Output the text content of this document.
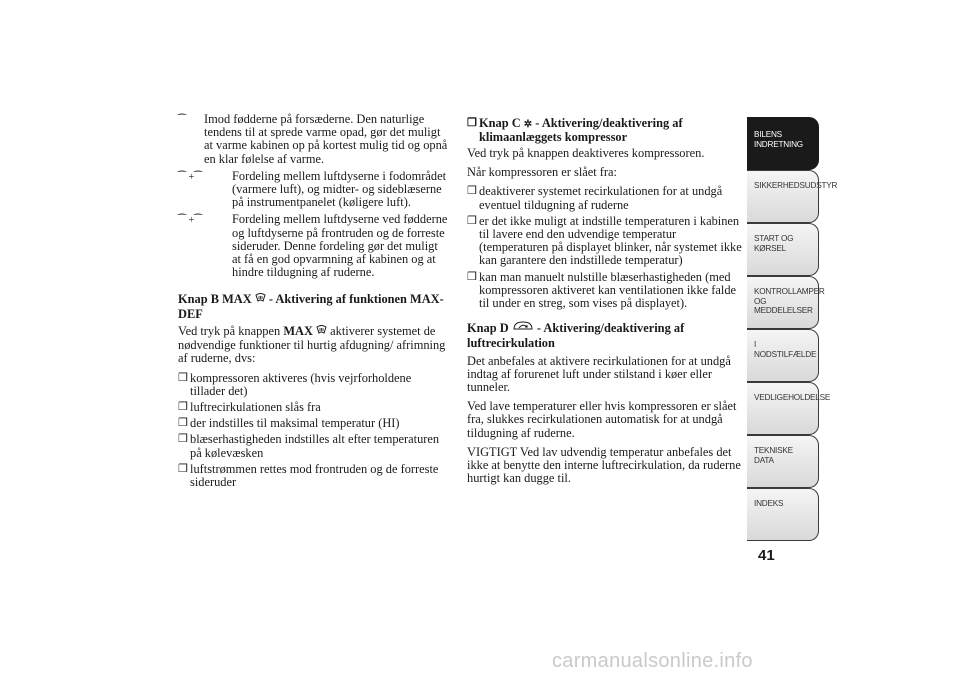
⁀	Imod fødderne på forsæderne. Den naturlige tendens til at sprede varme opad, gør det muligt at varme kabinen op på kortest mulig tid og opnå en klar følelse af varme.
⁀ +⁀	Fordeling mellem luftdyserne i fodområdet (varmere luft), og midter- og sideblæserne på instrumentpanelet (køligere luft).
⁀ +⁀	Fordeling mellem luftdyserne ved fødderne og luftdyserne på frontruden og de forreste sideruder. Denne fordeling gør det muligt at få en god opvarmning af kabinen og at hindre tildugning af ruderne.
Knap B MAX - Aktivering af funktionen MAX-DEF
Ved tryk på knappen MAX aktiverer systemet de nødvendige funktioner til hurtig afdugning/ afrimning af ruderne, dvs:
❒ kompressoren aktiveres (hvis vejrforholdene tillader det)
❒ luftrecirkulationen slås fra
❒ der indstilles til maksimal temperatur (HI)
❒ blæserhastigheden indstilles alt efter temperaturen på kølevæsken
❒ luftstrømmen rettes mod frontruden og de forreste sideruder
❒ Knap C ✲ - Aktivering/deaktivering af klimaanlæggets kompressor
Ved tryk på knappen deaktiveres kompressoren.
Når kompressoren er slået fra:
❒ deaktiverer systemet recirkulationen for at undgå eventuel tildugning af ruderne
❒ er det ikke muligt at indstille temperaturen i kabinen til lavere end den udvendige temperatur (temperaturen på displayet blinker, når systemet ikke kan garantere den indstillede temperatur)
❒ kan man manuelt nulstille blæserhastigheden (med kompressoren aktiveret kan ventilationen ikke falde til under en streg, som vises på displayet).
Knap D - Aktivering/deaktivering af luftrecirkulation
Det anbefales at aktivere recirkulationen for at undgå indtag af forurenet luft under stilstand i køer eller tunneler.
Ved lave temperaturer eller hvis kompressoren er slået fra, slukkes recirkulationen automatisk for at undgå tildugning af ruderne.
VIGTIGT Ved lav udvendig temperatur anbefales det ikke at benytte den interne luftrecirkulation, da ruderne hurtigt kan dugge til.
BILENS INDRETNING
SIKKERHEDSUDSTYR
START OG KØRSEL
KONTROLLAMPER OG MEDDELELSER
I NODSTILFÆLDE
VEDLIGEHOLDELSE
TEKNISKE DATA
INDEKS
41
carmanualsonline.info
